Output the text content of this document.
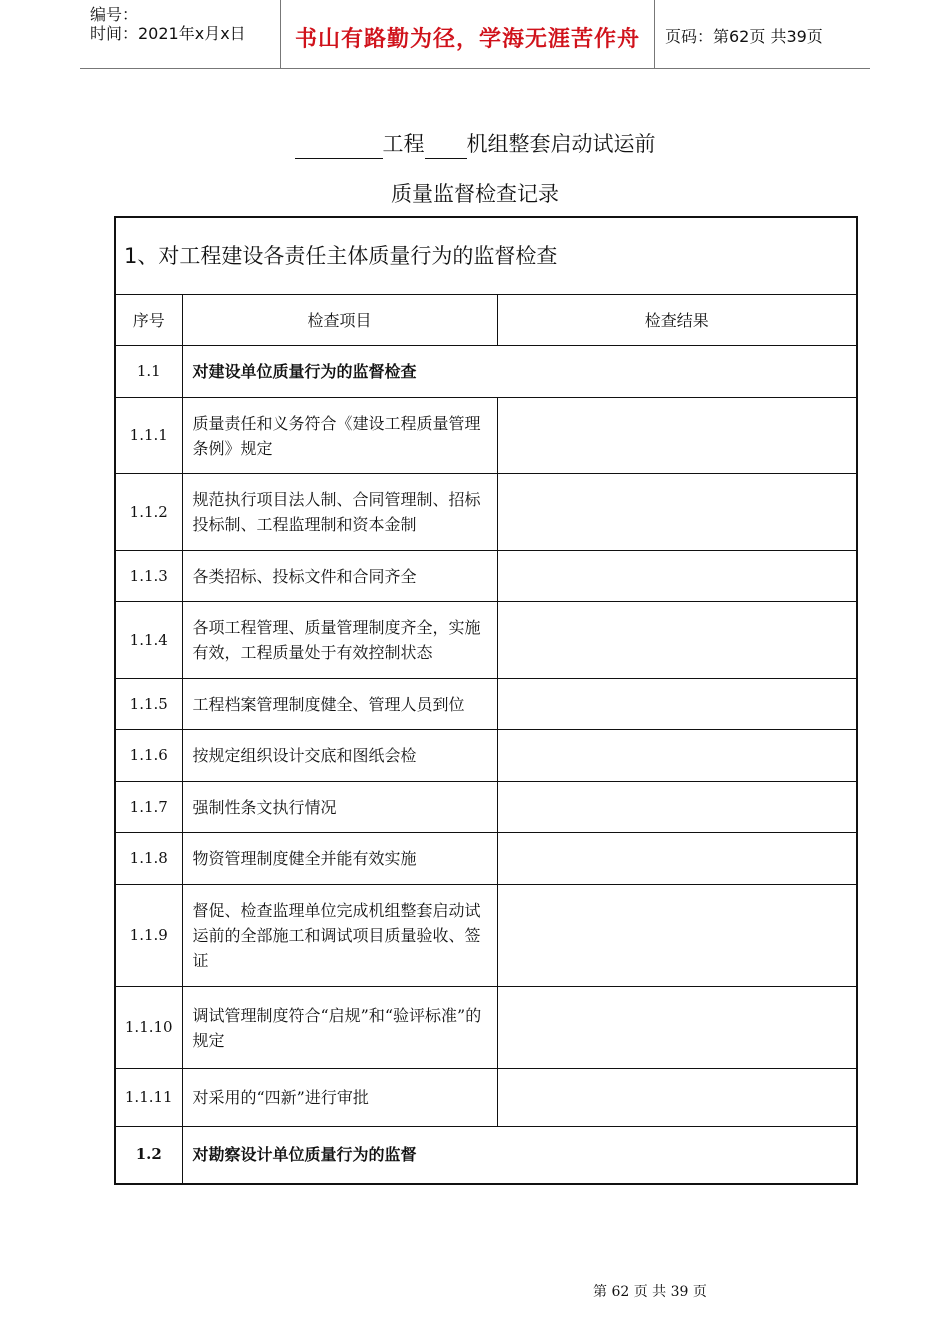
编号：
时间：2021年x月x日	书山有路勤为径，学海无涯苦作舟	页码：第62页 共39页
工程 机组整套启动试运前
质量监督检查记录
1、对工程建设各责任主体质量行为的监督检查		
序号	检查项目	检查结果
1.1	对建设单位质量行为的监督检查	
1.1.1	质量责任和义务符合《建设工程质量管理条例》规定	
1.1.2	规范执行项目法人制、合同管理制、招标投标制、工程监理制和资本金制	
1.1.3	各类招标、投标文件和合同齐全	
1.1.4	各项工程管理、质量管理制度齐全，实施有效，工程质量处于有效控制状态	
1.1.5	工程档案管理制度健全、管理人员到位	
1.1.6	按规定组织设计交底和图纸会检	
1.1.7	强制性条文执行情况	
1.1.8	物资管理制度健全并能有效实施	
1.1.9	督促、检查监理单位完成机组整套启动试运前的全部施工和调试项目质量验收、签证	
1.1.10	调试管理制度符合“启规”和“验评标准”的规定	
1.1.11	对采用的“四新”进行审批	
1.2	对勘察设计单位质量行为的监督	
第 62 页 共 39 页
